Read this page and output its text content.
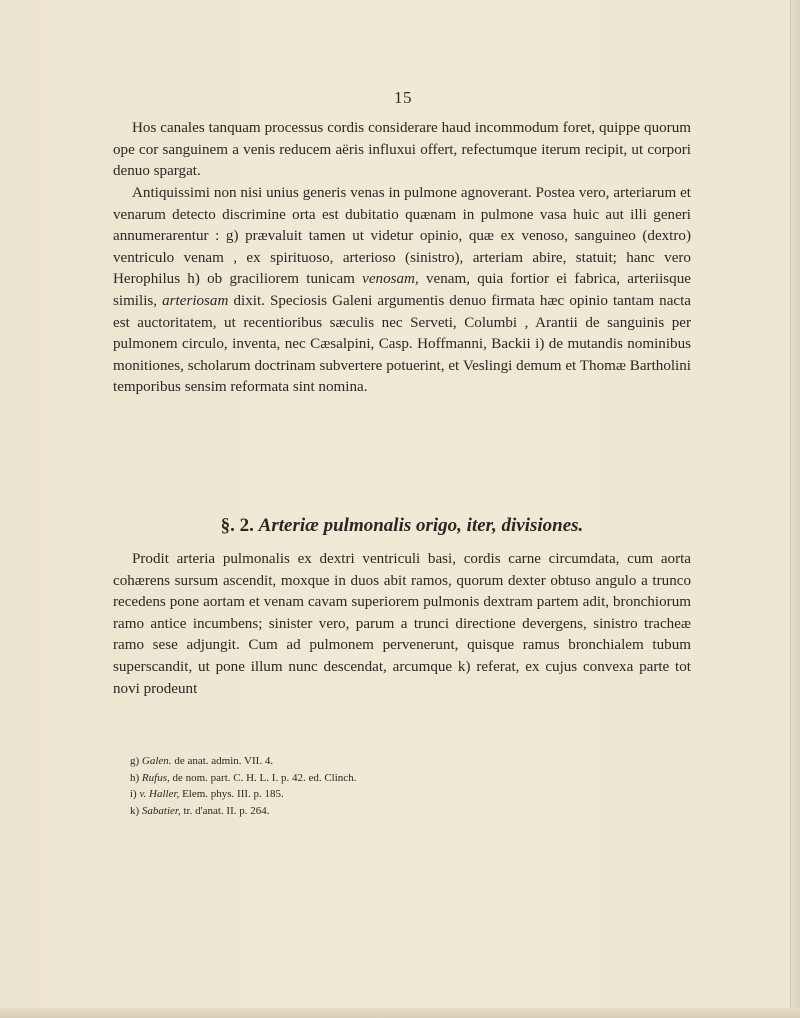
15

Hos canales tanquam processus cordis considerare haud incommodum foret, quippe quorum ope cor sanguinem a venis reducem aëris influxui offert, refectumque iterum recipit, ut corpori denuo spargat.

Antiquissimi non nisi unius generis venas in pulmone agnoverant. Postea vero, arteriarum et venarum detecto discrimine orta est dubitatio quænam in pulmone vasa huic aut illi generi annumerarentur : g) prævaluit tamen ut videtur opinio, quæ ex venoso, sanguineo (dextro) ventriculo venam , ex spirituoso, arterioso (sinistro), arteriam abire, statuit; hanc vero Herophilus h) ob graciliorem tunicam venosam, venam, quia fortior ei fabrica, arteriisque similis, arteriosam dixit. Speciosis Galeni argumentis denuo firmata hæc opinio tantam nacta est auctoritatem, ut recentioribus sæculis nec Serveti, Columbi , Arantii de sanguinis per pulmonem circulo, inventa, nec Cæsalpini, Casp. Hoffmanni, Backii i) de mutandis nominibus monitiones, scholarum doctrinam subvertere potuerint, et Veslingi demum et Thomæ Bartholini temporibus sensim reformata sint nomina.

§. 2. Arteriæ pulmonalis origo, iter, divisiones.

Prodit arteria pulmonalis ex dextri ventriculi basi, cordis carne circumdata, cum aorta cohærens sursum ascendit, moxque in duos abit ramos, quorum dexter obtuso angulo a trunco recedens pone aortam et venam cavam superiorem pulmonis dextram partem adit, bronchiorum ramo antice incumbens; sinister vero, parum a trunci directione devergens, sinistro tracheæ ramo sese adjungit. Cum ad pulmonem pervenerunt, quisque ramus bronchialem tubum superscandit, ut pone illum nunc descendat, arcumque k) referat, ex cujus convexa parte tot novi prodeunt

g) Galen. de anat. admin. VII. 4.
h) Rufus, de nom. part. C. H. L. I. p. 42. ed. Clinch.
i) v. Haller, Elem. phys. III. p. 185.
k) Sabatier, tr. d'anat. II. p. 264.
